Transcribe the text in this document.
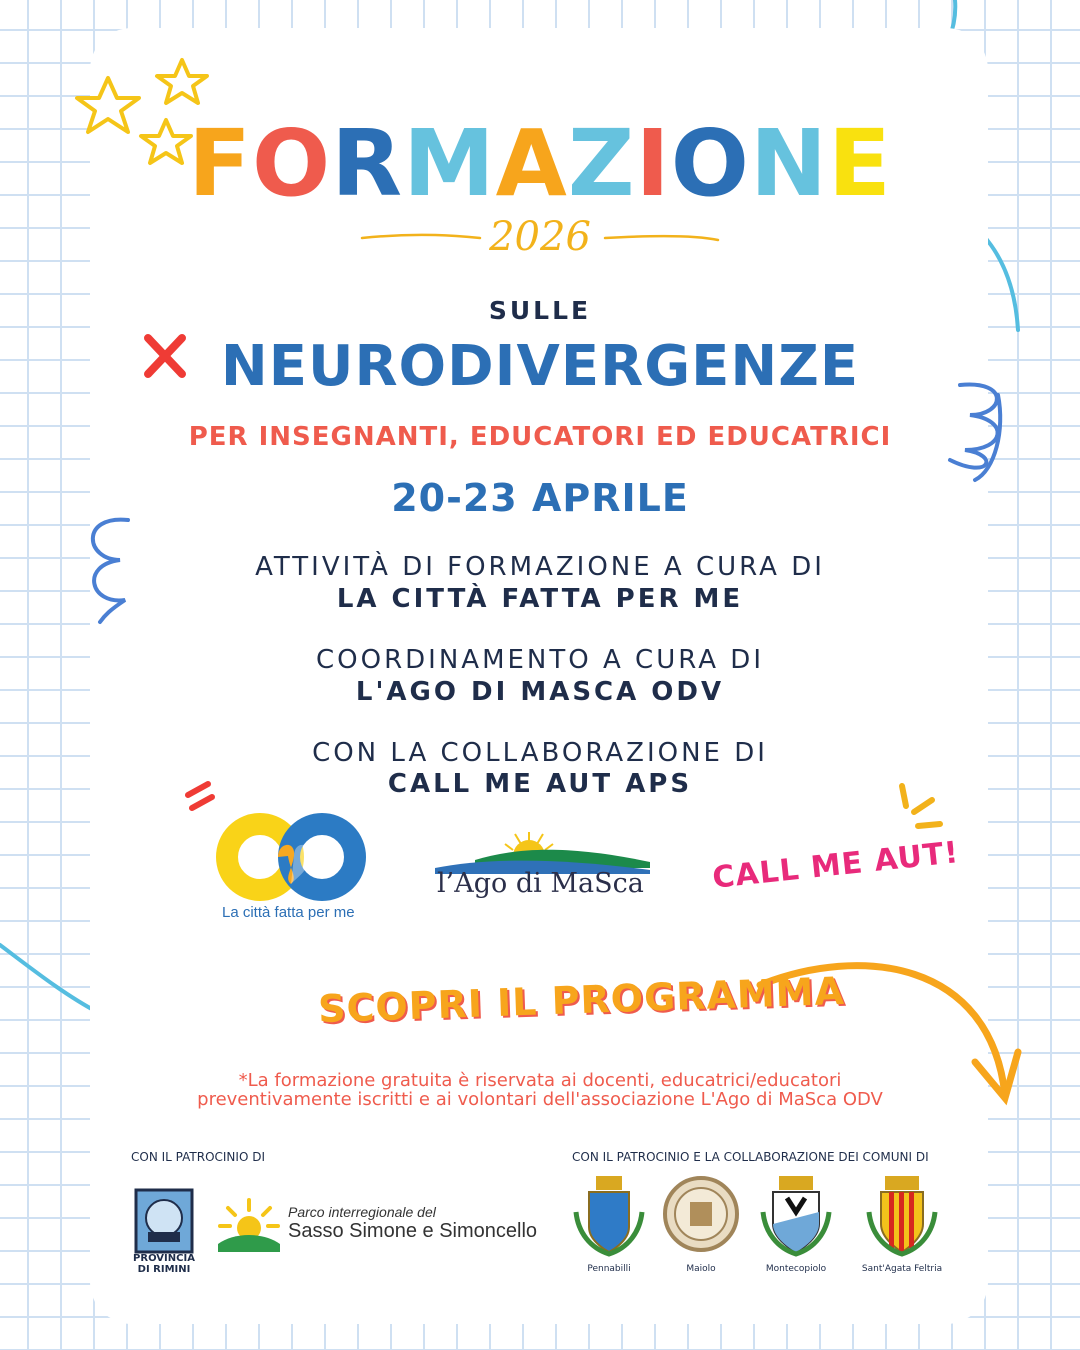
FORMAZIONE
2026
SULLE
NEURODIVERGENZE
PER INSEGNANTI, EDUCATORI ED EDUCATRICI
20-23 APRILE
ATTIVITÀ DI FORMAZIONE A CURA DI
LA CITTÀ FATTA PER ME
COORDINAMENTO A CURA DI
L'AGO DI MASCA ODV
CON LA COLLABORAZIONE DI
CALL ME AUT APS
La città fatta per me
l’Ago di MaSca CALL ME AUT!
SCOPRI IL PROGRAMMA
*La formazione gratuita è riservata ai docenti, educatrici/educatori
preventivamente iscritti e ai volontari dell'associazione L'Ago di MaSca ODV
CON IL PATROCINIO DI	CON IL PATROCINIO E LA COLLABORAZIONE DEI COMUNI DI
PROVINCIA
DI RIMINI
Parco interregionale del
Sasso Simone e Simoncello
Pennabilli	Maiolo	Montecopiolo	Sant'Agata Feltria
